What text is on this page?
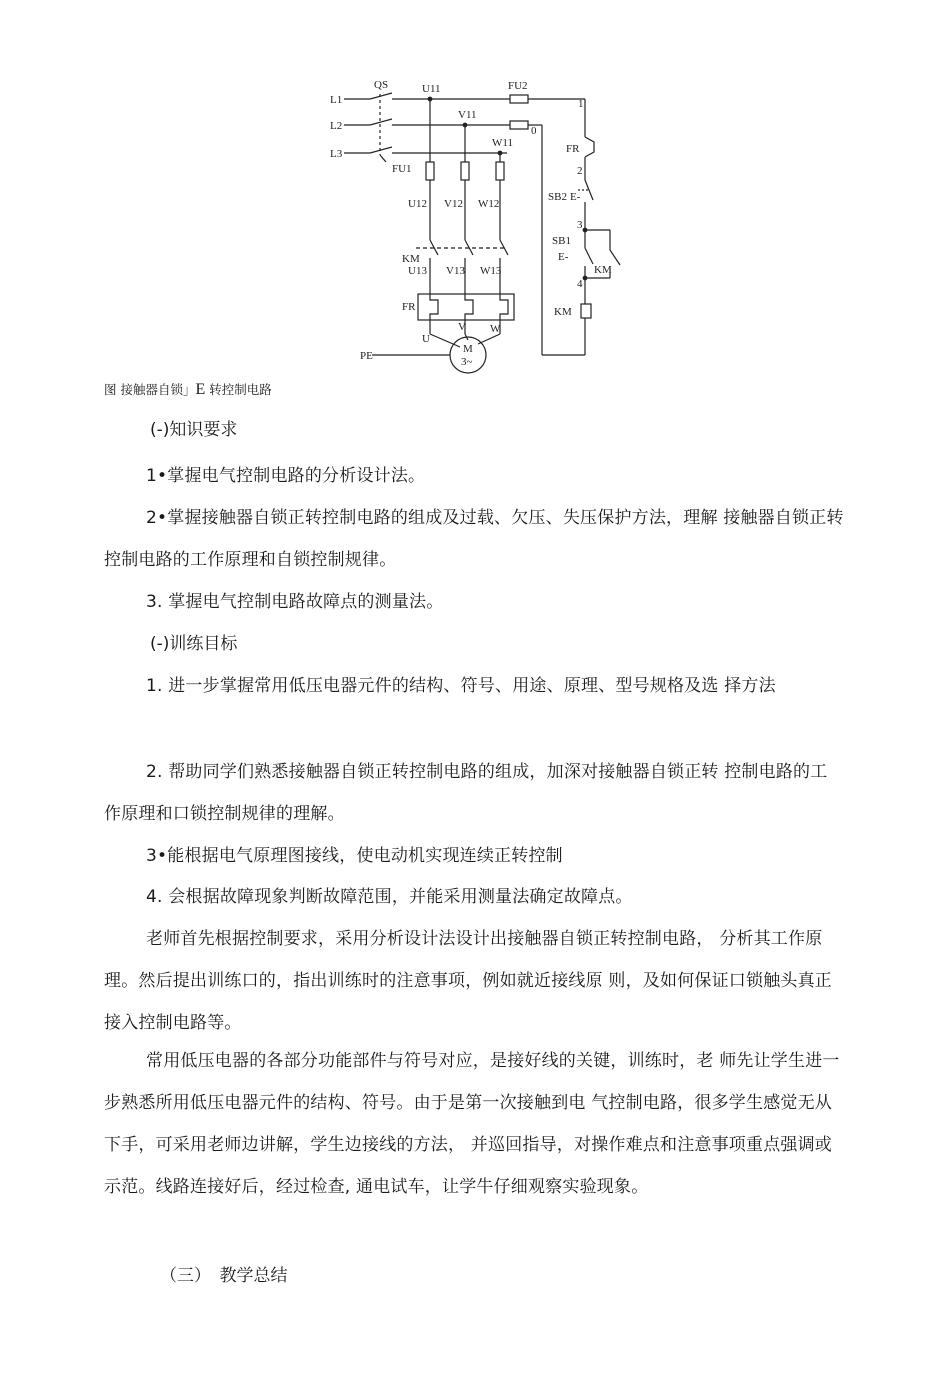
L1
L2
L3
QS	U11
V11
W11
FU2
FU1
U12 V12 W12
KM
U13 V13 W13
FR
U
V W
PE
M
3~
1
0
FR
2
SB2 E-
3
SB1
E-
KM
4
KM
图 接触器自锁」E 转控制电路
(-)知识要求
1•掌握电气控制电路的分析设计法。
2•掌握接触器自锁正转控制电路的组成及过载、欠压、失压保护方法，理解 接触器自锁正转控制电路的工作原理和自锁控制规律。
3. 掌握电气控制电路故障点的测量法。
(-)训练目标
1. 进一步掌握常用低压电器元件的结构、符号、用途、原理、型号规格及选 择方法
2. 帮助同学们熟悉接触器自锁正转控制电路的组成，加深对接触器自锁正转 控制电路的工作原理和口锁控制规律的理解。
3•能根据电气原理图接线，使电动机实现连续正转控制
4. 会根据故障现象判断故障范围，并能采用测量法确定故障点。
老师首先根据控制要求，采用分析设计法设计出接触器自锁正转控制电路， 分析其工作原理。然后提出训练口的，指出训练时的注意事项，例如就近接线原 则，及如何保证口锁触头真正接入控制电路等。
常用低压电器的各部分功能部件与符号对应，是接好线的关键，训练时，老 师先让学生进一步熟悉所用低压电器元件的结构、符号。由于是第一次接触到电 气控制电路，很多学生感觉无从下手，可采用老师边讲解，学生边接线的方法， 并巡回指导，对操作难点和注意事项重点强调或示范。线路连接好后，经过检查, 通电试车，让学牛仔细观察实验现象。
（三）　教学总结
